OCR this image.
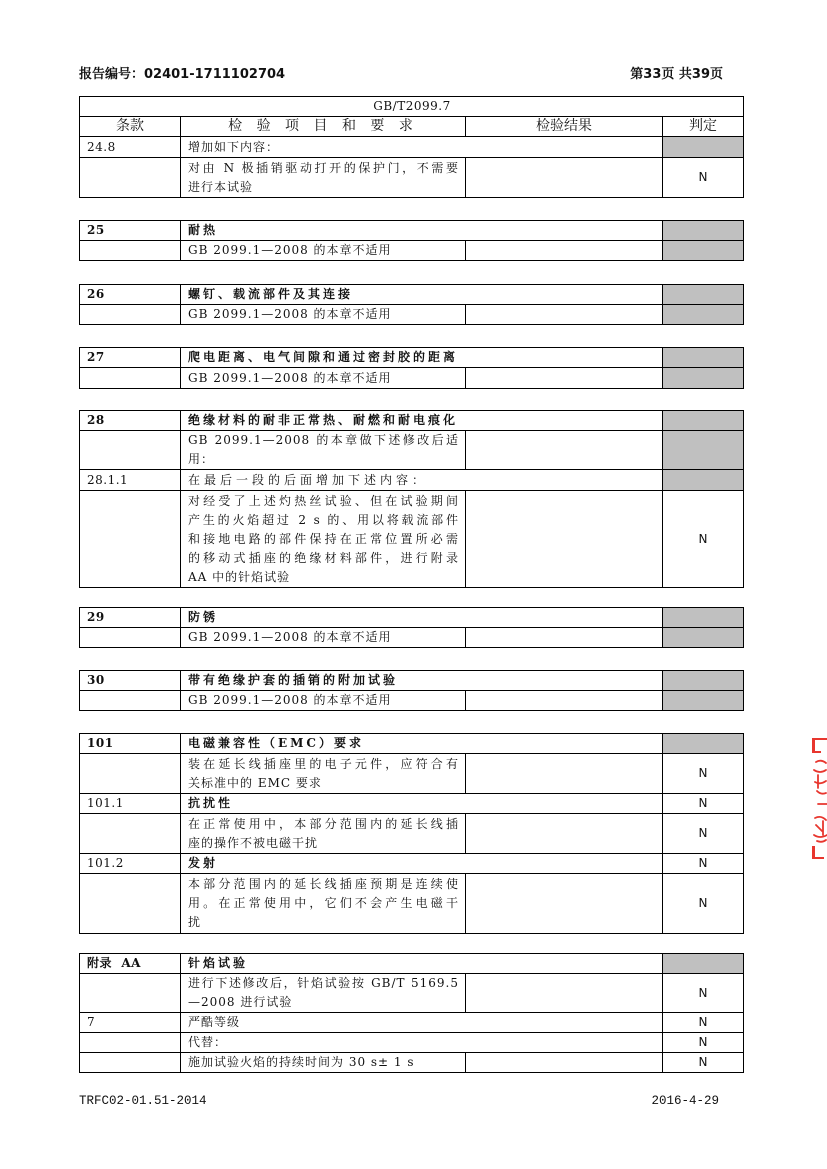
报告编号：02401-1711102704	第33页 共39页
GB/T2099.7			
条款	检 验 项 目 和 要 求	检验结果	判定
24.8	增加如下内容：		

	对由 N 极插销驱动打开的保护门，不需要
进行本试验		N
25	耐热		

	GB 2099.1—2008 的本章不适用		

26	螺钉、载流部件及其连接		

	GB 2099.1—2008 的本章不适用		

27	爬电距离、电气间隙和通过密封胶的距离		

	GB 2099.1—2008 的本章不适用		

28	绝缘材料的耐非正常热、耐燃和耐电痕化		

	GB 2099.1—2008 的本章做下述修改后适
用：		

28.1.1	在最后一段的后面增加下述内容：		

	对经受了上述灼热丝试验、但在试验期间
产生的火焰超过 2 s 的、用以将载流部件
和接地电路的部件保持在正常位置所必需
的移动式插座的绝缘材料部件，进行附录
AA 中的针焰试验		N
29	防锈		

	GB 2099.1—2008 的本章不适用		

30	带有绝缘护套的插销的附加试验		

	GB 2099.1—2008 的本章不适用		

101	电磁兼容性（EMC）要求		

	装在延长线插座里的电子元件，应符合有
关标准中的 EMC 要求		N
101.1	抗扰性		N

	在正常使用中，本部分范围内的延长线插
座的操作不被电磁干扰		N
101.2	发射		N

	本部分范围内的延长线插座预期是连续使
用。在正常使用中，它们不会产生电磁干
扰		N
附录  AA	针焰试验		

	进行下述修改后，针焰试验按 GB/T 5169.5
—2008 进行试验		N
7	严酷等级		N

	代替：		N

	施加试验火焰的持续时间为 30 s± 1 s		N
TRFC02-01.51-2014	2016-4-29
